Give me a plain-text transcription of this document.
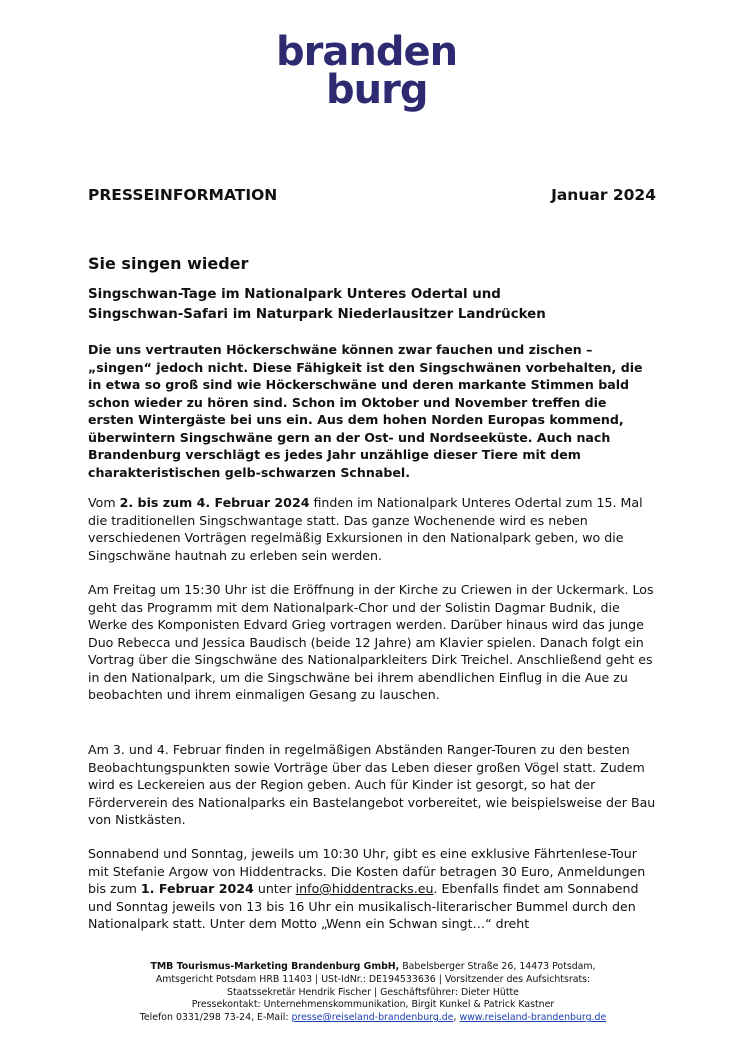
branden
burg
PRESSEINFORMATION	Januar 2024
Sie singen wieder

Singschwan-Tage im Nationalpark Unteres Odertal und

Singschwan-Safari im Naturpark Niederlausitzer Landrücken

Die uns vertrauten Höckerschwäne können zwar fauchen und zischen – „singen“ jedoch nicht. Diese Fähigkeit ist den Singschwänen vorbehalten, die in etwa so groß sind wie Höckerschwäne und deren markante Stimmen bald schon wieder zu hören sind. Schon im Oktober und November treffen die ersten Wintergäste bei uns ein. Aus dem hohen Norden Europas kommend, überwintern Singschwäne gern an der Ost- und Nordseeküste. Auch nach Brandenburg verschlägt es jedes Jahr unzählige dieser Tiere mit dem charakteristischen gelb-schwarzen Schnabel.

Vom 2. bis zum 4. Februar 2024 finden im Nationalpark Unteres Odertal zum 15. Mal die traditionellen Singschwantage statt. Das ganze Wochenende wird es neben verschiedenen Vorträgen regelmäßig Exkursionen in den Nationalpark geben, wo die Singschwäne hautnah zu erleben sein werden.

Am Freitag um 15:30 Uhr ist die Eröffnung in der Kirche zu Criewen in der Uckermark. Los geht das Programm mit dem Nationalpark-Chor und der Solistin Dagmar Budnik, die Werke des Komponisten Edvard Grieg vortragen werden. Darüber hinaus wird das junge Duo Rebecca und Jessica Baudisch (beide 12 Jahre) am Klavier spielen. Danach folgt ein Vortrag über die Singschwäne des Nationalparkleiters Dirk Treichel. Anschließend geht es in den Nationalpark, um die Singschwäne bei ihrem abendlichen Einflug in die Aue zu beobachten und ihrem einmaligen Gesang zu lauschen.

Am 3. und 4. Februar finden in regelmäßigen Abständen Ranger-Touren zu den besten Beobachtungspunkten sowie Vorträge über das Leben dieser großen Vögel statt. Zudem wird es Leckereien aus der Region geben. Auch für Kinder ist gesorgt, so hat der Förderverein des Nationalparks ein Bastelangebot vorbereitet, wie beispielsweise der Bau von Nistkästen.

Sonnabend und Sonntag, jeweils um 10:30 Uhr, gibt es eine exklusive Fährtenlese-Tour mit Stefanie Argow von Hiddentracks. Die Kosten dafür betragen 30 Euro, Anmeldungen bis zum 1. Februar 2024 unter info@hiddentracks.eu. Ebenfalls findet am Sonnabend und Sonntag jeweils von 13 bis 16 Uhr ein musikalisch-literarischer Bummel durch den Nationalpark statt. Unter dem Motto „Wenn ein Schwan singt…“ dreht

TMB Tourismus-Marketing Brandenburg GmbH, Babelsberger Straße 26, 14473 Potsdam,
Amtsgericht Potsdam HRB 11403 | USt-IdNr.: DE194533636 | Vorsitzender des Aufsichtsrats:
Staatssekretär Hendrik Fischer | Geschäftsführer: Dieter Hütte
Pressekontakt: Unternehmenskommunikation, Birgit Kunkel & Patrick Kastner
Telefon 0331/298 73-24, E-Mail: presse@reiseland-brandenburg.de, www.reiseland-brandenburg.de
